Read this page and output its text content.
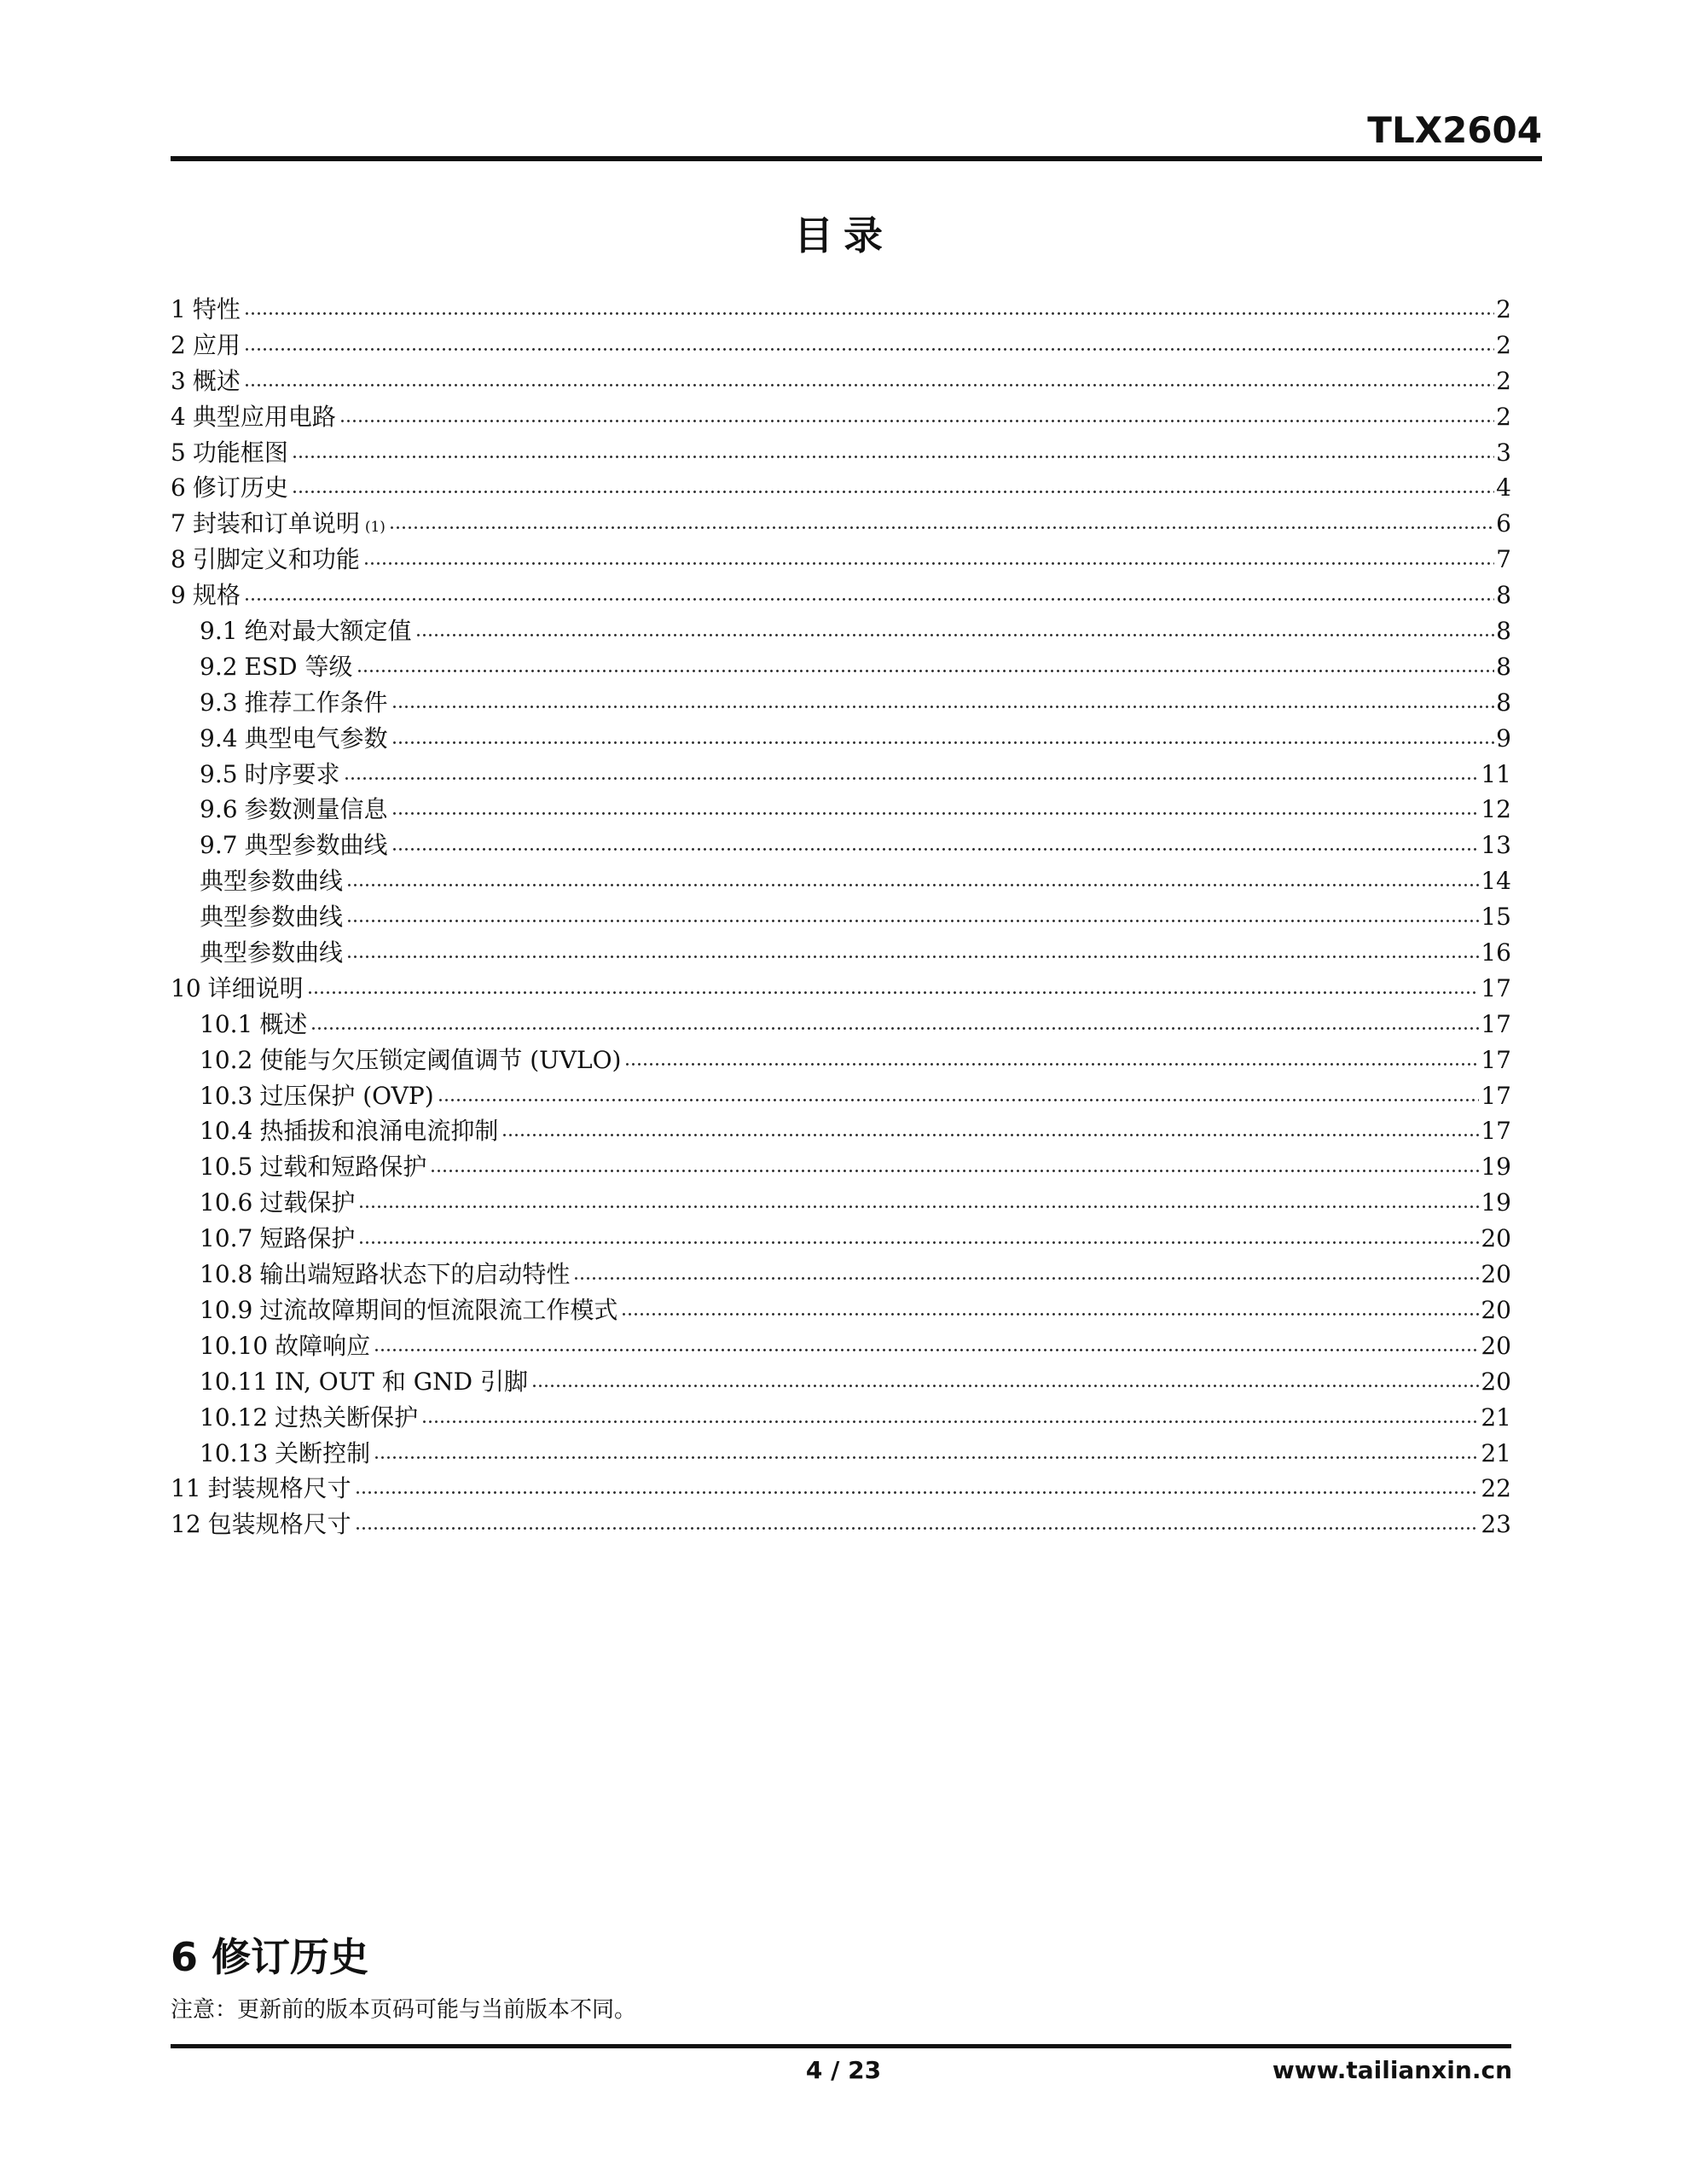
TLX2604
目录
1 特性	2
2 应用	2
3 概述	2
4 典型应用电路	2
5 功能框图	3
6 修订历史	4
7 封装和订单说明 (1)	6
8 引脚定义和功能	7
9 规格	8
9.1 绝对最大额定值	8
9.2 ESD 等级	8
9.3 推荐工作条件	8
9.4 典型电气参数	9
9.5 时序要求	11
9.6 参数测量信息	12
9.7 典型参数曲线	13
典型参数曲线	14
典型参数曲线	15
典型参数曲线	16
10 详细说明	17
10.1 概述	17
10.2 使能与欠压锁定阈值调节 (UVLO)	17
10.3 过压保护 (OVP)	17
10.4 热插拔和浪涌电流抑制	17
10.5 过载和短路保护	19
10.6 过载保护	19
10.7 短路保护	20
10.8 输出端短路状态下的启动特性	20
10.9 过流故障期间的恒流限流工作模式	20
10.10 故障响应	20
10.11 IN, OUT 和 GND 引脚	20
10.12 过热关断保护	21
10.13 关断控制	21
11 封装规格尺寸	22
12 包装规格尺寸	23
6 修订历史
注意：更新前的版本页码可能与当前版本不同。
4 / 23	www.tailianxin.cn
